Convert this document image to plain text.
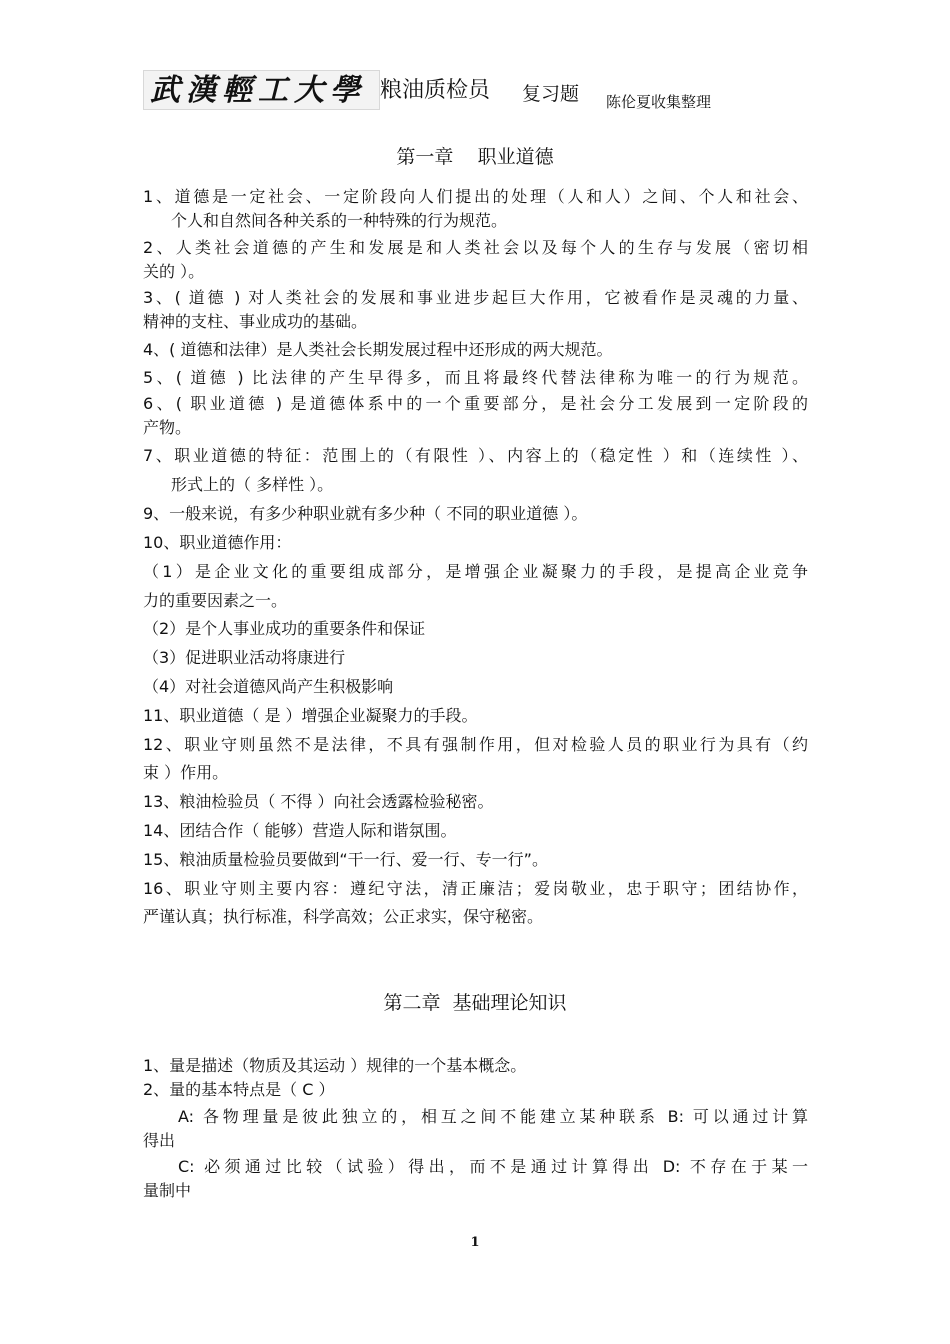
武漢輕工大學 粮油质检员 复习题 陈伦夏收集整理
第一章    职业道德
1、道德是一定社会、一定阶段向人们提出的处理（人和人）之间、个人和社会、
个人和自然间各种关系的一种特殊的行为规范。
2、人类社会道德的产生和发展是和人类社会以及每个人的生存与发展（密切相
关的 ）。
3、( 道德 ) 对人类社会的发展和事业进步起巨大作用，它被看作是灵魂的力量、
精神的支柱、事业成功的基础。
4、( 道德和法律）是人类社会长期发展过程中还形成的两大规范。
5、( 道德 ) 比法律的产生早得多，而且将最终代替法律称为唯一的行为规范。
6、( 职业道德 ) 是道德体系中的一个重要部分，是社会分工发展到一定阶段的
产物。
7、职业道德的特征：范围上的（有限性 ）、内容上的（稳定性 ）和（连续性 ）、
形式上的（ 多样性 ）。
9、一般来说，有多少种职业就有多少种（ 不同的职业道德 ）。
10、职业道德作用：
（1）是企业文化的重要组成部分，是增强企业凝聚力的手段，是提高企业竞争
力的重要因素之一。
（2）是个人事业成功的重要条件和保证
（3）促进职业活动将康进行
（4）对社会道德风尚产生积极影响
11、职业道德（ 是 ）增强企业凝聚力的手段。
12、职业守则虽然不是法律，不具有强制作用，但对检验人员的职业行为具有（约
束 ）作用。
13、粮油检验员（ 不得 ）向社会透露检验秘密。
14、团结合作（ 能够）营造人际和谐氛围。
15、粮油质量检验员要做到“干一行、爱一行、专一行”。
16、职业守则主要内容：遵纪守法，清正廉洁；爱岗敬业，忠于职守；团结协作，
严谨认真；执行标准，科学高效；公正求实，保守秘密。
第二章  基础理论知识
1、量是描述（物质及其运动 ）规律的一个基本概念。
2、量的基本特点是（ C ）
A: 各物理量是彼此独立的，相互之间不能建立某种联系 B: 可以通过计算
得出
C: 必须通过比较（试验）得出，而不是通过计算得出 D: 不存在于某一
量制中
1
